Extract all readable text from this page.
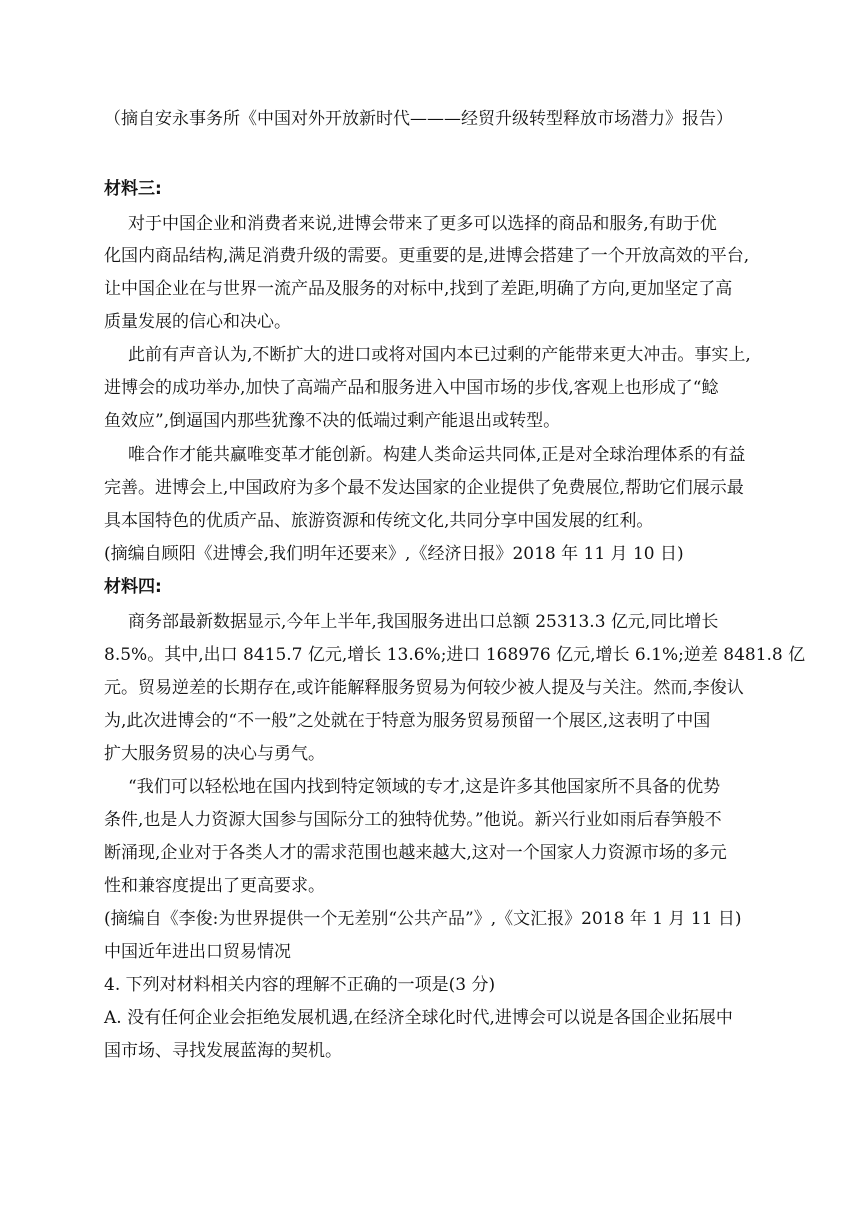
（摘自安永事务所《中国对外开放新时代———经贸升级转型释放市场潜力》报告）
材料三:
对于中国企业和消费者来说,进博会带来了更多可以选择的商品和服务,有助于优
化国内商品结构,满足消费升级的需要。更重要的是,进博会搭建了一个开放高效的平台,
让中国企业在与世界一流产品及服务的对标中,找到了差距,明确了方向,更加坚定了高
质量发展的信心和决心。
此前有声音认为,不断扩大的进口或将对国内本已过剩的产能带来更大冲击。事实上,
进博会的成功举办,加快了高端产品和服务进入中国市场的步伐,客观上也形成了“鲶
鱼效应”,倒逼国内那些犹豫不决的低端过剩产能退出或转型。
唯合作才能共赢唯变革才能创新。构建人类命运共同体,正是对全球治理体系的有益
完善。进博会上,中国政府为多个最不发达国家的企业提供了免费展位,帮助它们展示最
具本国特色的优质产品、旅游资源和传统文化,共同分享中国发展的红利。
(摘编自顾阳《进博会,我们明年还要来》,《经济日报》2018 年 11 月 10 日)
材料四:
商务部最新数据显示,今年上半年,我国服务进出口总额 25313.3 亿元,同比增长
8.5%。其中,出口 8415.7 亿元,增长 13.6%;进口 168976 亿元,增长 6.1%;逆差 8481.8 亿
元。贸易逆差的长期存在,或许能解释服务贸易为何较少被人提及与关注。然而,李俊认
为,此次进博会的“不一般”之处就在于特意为服务贸易预留一个展区,这表明了中国
扩大服务贸易的决心与勇气。
“我们可以轻松地在国内找到特定领域的专才,这是许多其他国家所不具备的优势
条件,也是人力资源大国参与国际分工的独特优势。”他说。新兴行业如雨后春笋般不
断涌现,企业对于各类人才的需求范围也越来越大,这对一个国家人力资源市场的多元
性和兼容度提出了更高要求。
(摘编自《李俊:为世界提供一个无差别“公共产品”》,《文汇报》2018 年 1 月 11 日)
中国近年进出口贸易情况
4. 下列对材料相关内容的理解不正确的一项是(3 分)
A. 没有任何企业会拒绝发展机遇,在经济全球化时代,进博会可以说是各国企业拓展中
国市场、寻找发展蓝海的契机。
